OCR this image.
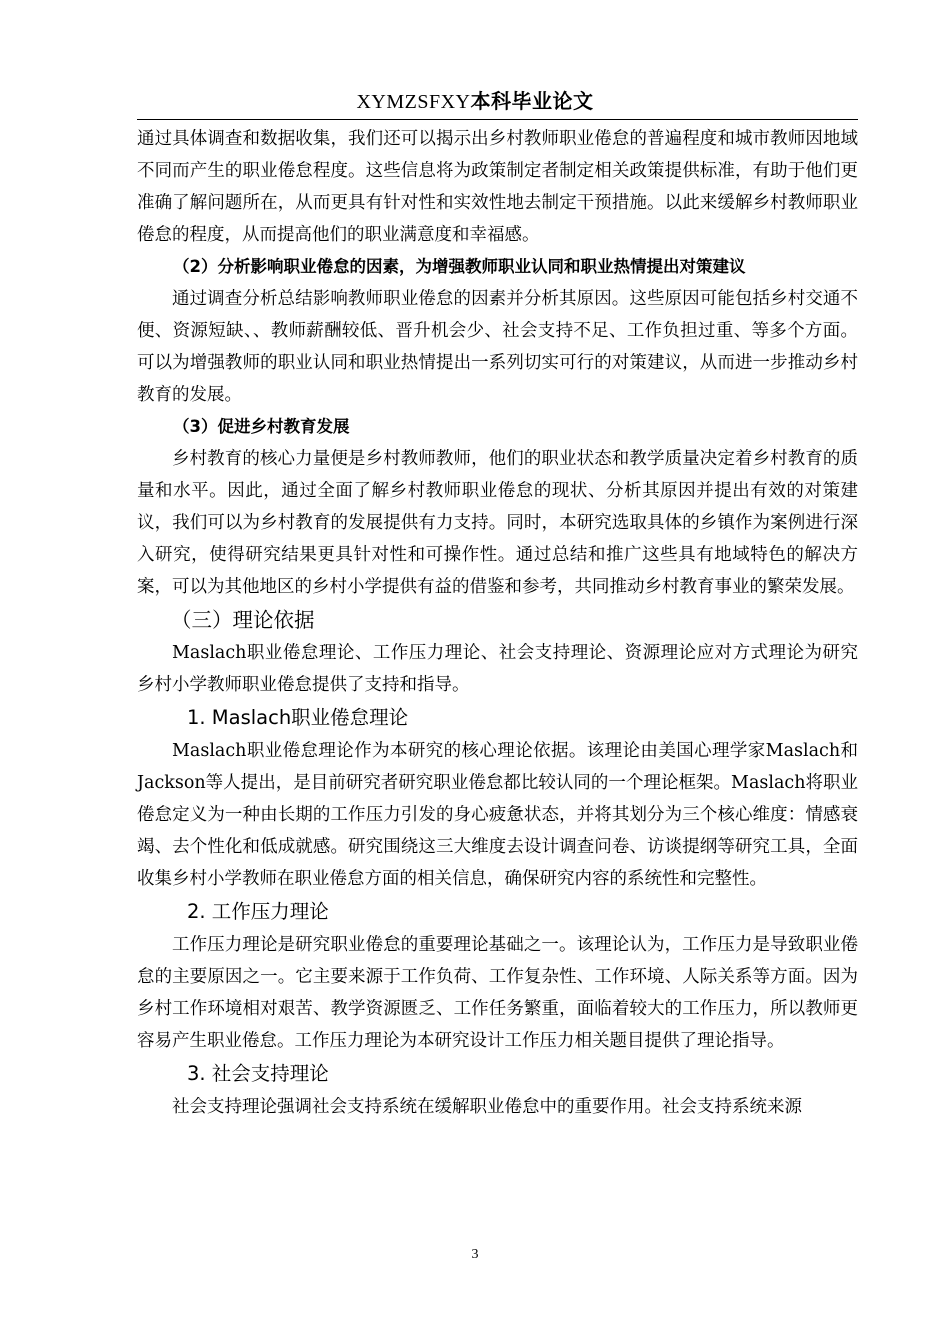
XYMZSFXY本科毕业论文

通过具体调查和数据收集，我们还可以揭示出乡村教师职业倦怠的普遍程度和城市教师因地域不同而产生的职业倦怠程度。这些信息将为政策制定者制定相关政策提供标准，有助于他们更准确了解问题所在，从而更具有针对性和实效性地去制定干预措施。以此来缓解乡村教师职业倦怠的程度，从而提高他们的职业满意度和幸福感。

（2）分析影响职业倦怠的因素，为增强教师职业认同和职业热情提出对策建议

通过调查分析总结影响教师职业倦怠的因素并分析其原因。这些原因可能包括乡村交通不便、资源短缺、、教师薪酬较低、晋升机会少、社会支持不足、工作负担过重、等多个方面。可以为增强教师的职业认同和职业热情提出一系列切实可行的对策建议，从而进一步推动乡村教育的发展。

（3）促进乡村教育发展

乡村教育的核心力量便是乡村教师教师，他们的职业状态和教学质量决定着乡村教育的质量和水平。因此，通过全面了解乡村教师职业倦怠的现状、分析其原因并提出有效的对策建议，我们可以为乡村教育的发展提供有力支持。同时，本研究选取具体的乡镇作为案例进行深入研究，使得研究结果更具针对性和可操作性。通过总结和推广这些具有地域特色的解决方案，可以为其他地区的乡村小学提供有益的借鉴和参考，共同推动乡村教育事业的繁荣发展。

（三）理论依据

Maslach职业倦怠理论、工作压力理论、社会支持理论、资源理论应对方式理论为研究乡村小学教师职业倦怠提供了支持和指导。

1. Maslach职业倦怠理论

Maslach职业倦怠理论作为本研究的核心理论依据。该理论由美国心理学家Maslach和Jackson等人提出，是目前研究者研究职业倦怠都比较认同的一个理论框架。Maslach将职业倦怠定义为一种由长期的工作压力引发的身心疲惫状态，并将其划分为三个核心维度：情感衰竭、去个性化和低成就感。研究围绕这三大维度去设计调查问卷、访谈提纲等研究工具，全面收集乡村小学教师在职业倦怠方面的相关信息，确保研究内容的系统性和完整性。

2. 工作压力理论

工作压力理论是研究职业倦怠的重要理论基础之一。该理论认为，工作压力是导致职业倦怠的主要原因之一。它主要来源于工作负荷、工作复杂性、工作环境、人际关系等方面。因为乡村工作环境相对艰苦、教学资源匮乏、工作任务繁重，面临着较大的工作压力，所以教师更容易产生职业倦怠。工作压力理论为本研究设计工作压力相关题目提供了理论指导。

3. 社会支持理论

社会支持理论强调社会支持系统在缓解职业倦怠中的重要作用。社会支持系统来源

3
